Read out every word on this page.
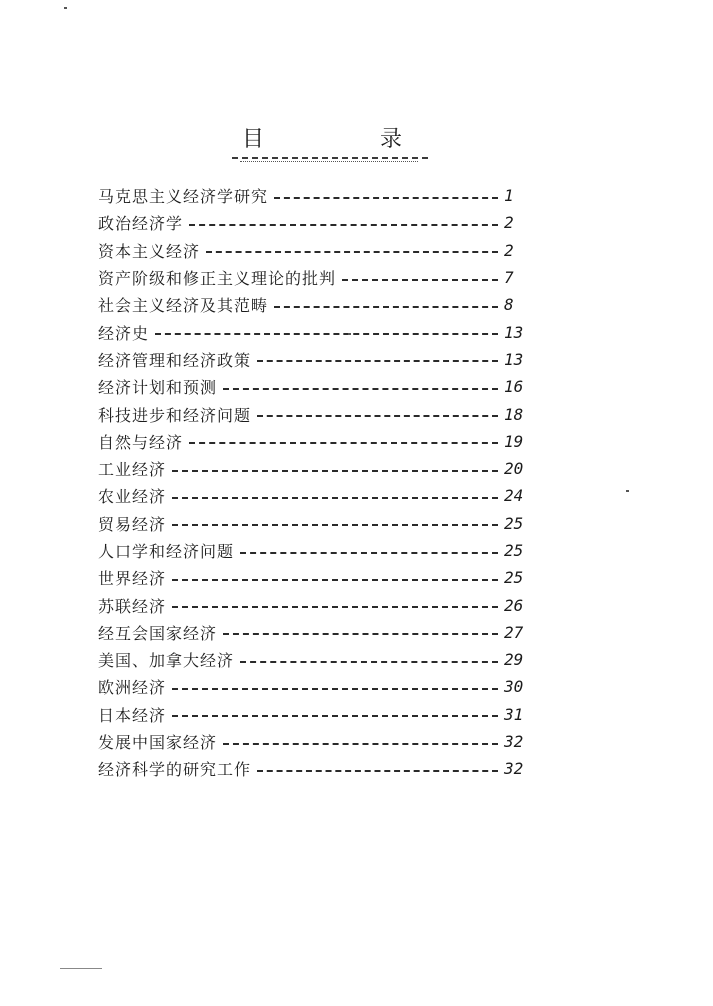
目	录
马克思主义经济学研究	1
政治经济学	2
资本主义经济	2
资产阶级和修正主义理论的批判	7
社会主义经济及其范畴	8
经济史	13
经济管理和经济政策	13
经济计划和预测	16
科技进步和经济问题	18
自然与经济	19
工业经济	20
农业经济	24
贸易经济	25
人口学和经济问题	25
世界经济	25
苏联经济	26
经互会国家经济	27
美国、加拿大经济	29
欧洲经济	30
日本经济	31
发展中国家经济	32
经济科学的研究工作	32
